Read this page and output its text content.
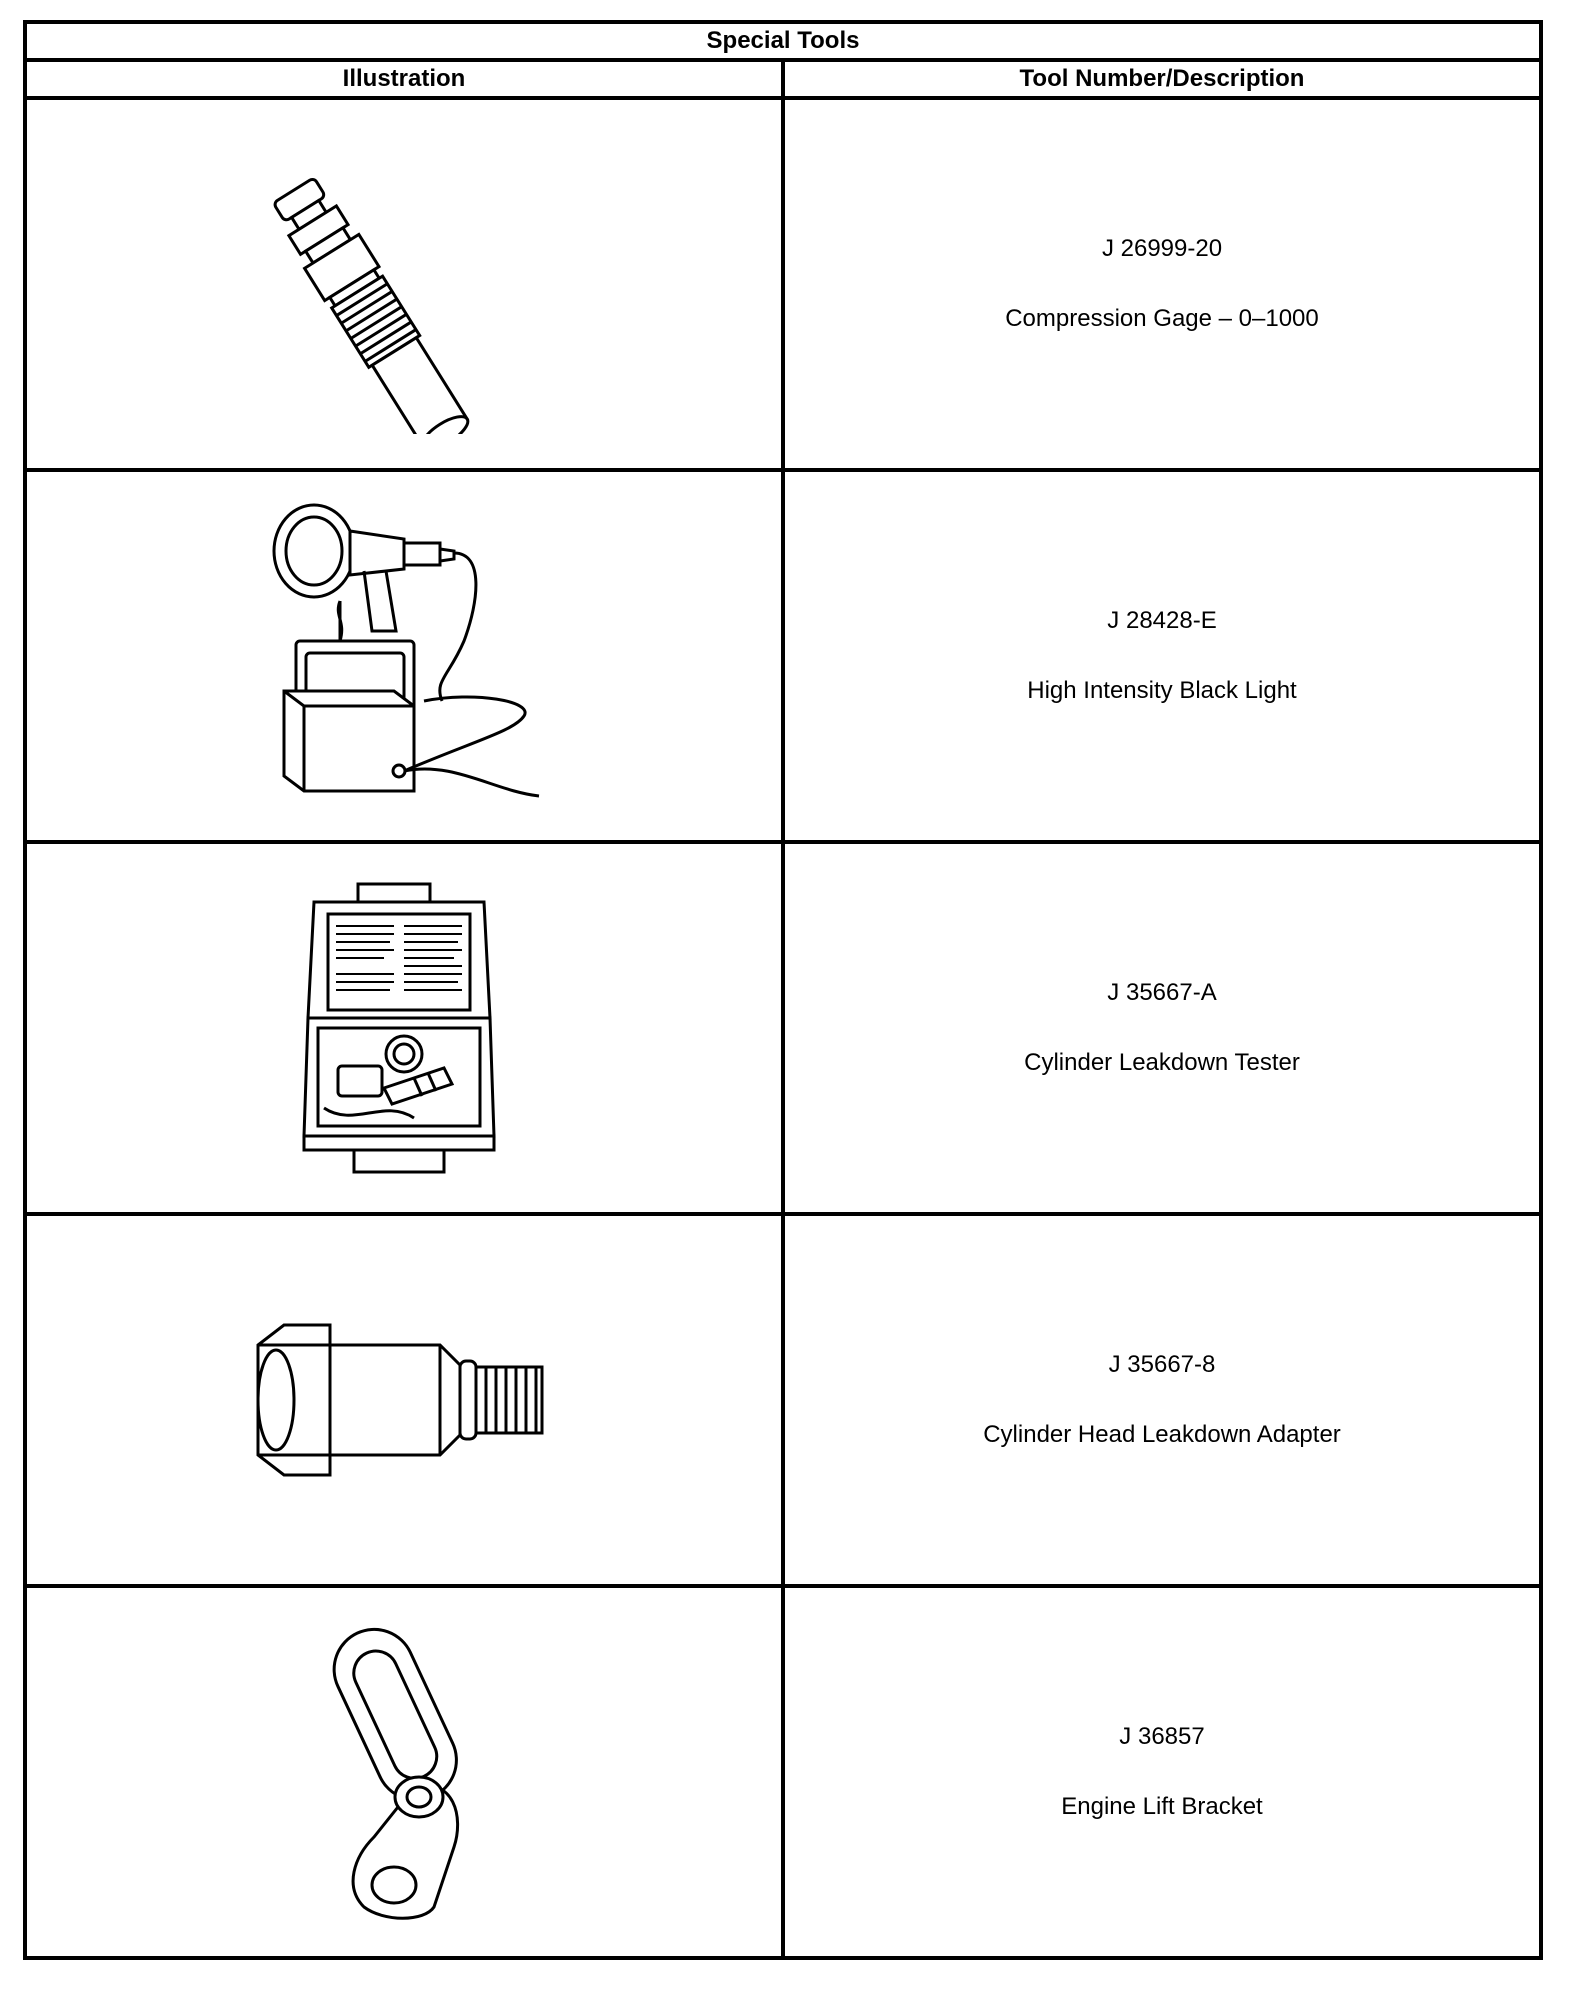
Special Tools	
Illustration	Tool Number/Description

J 26999-20
Compression Gage – 0–1000

J 28428-E
High Intensity Black Light

J 35667-A
Cylinder Leakdown Tester

J 35667-8
Cylinder Head Leakdown Adapter

J 36857
Engine Lift Bracket
